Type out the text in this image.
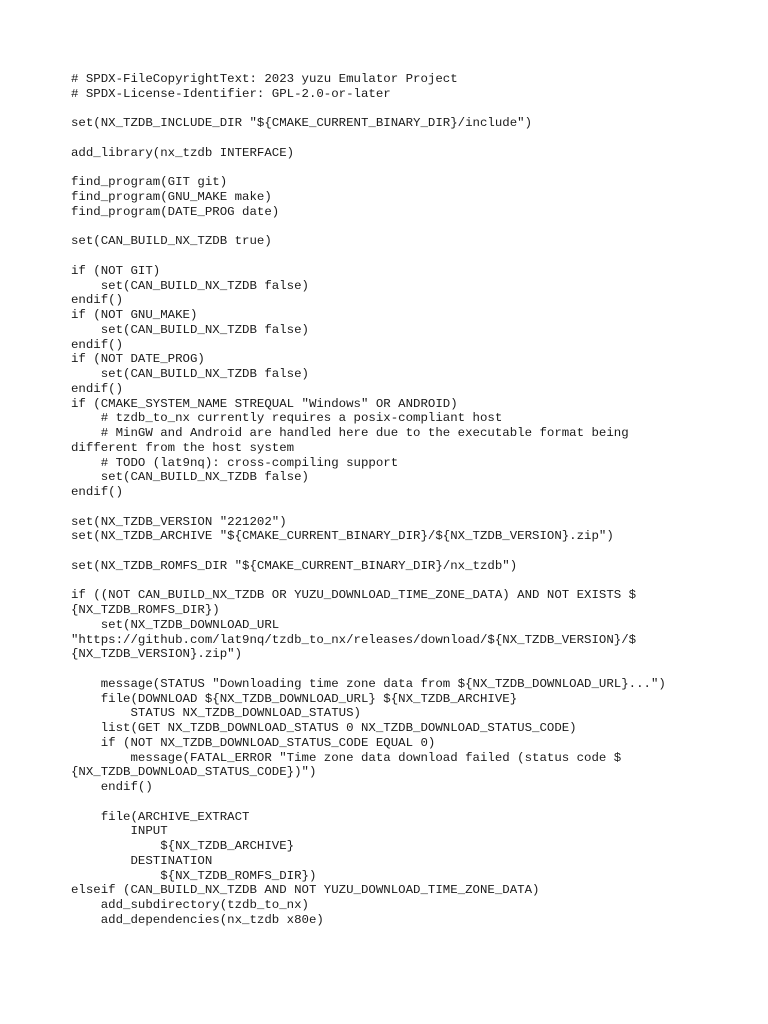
# SPDX-FileCopyrightText: 2023 yuzu Emulator Project
# SPDX-License-Identifier: GPL-2.0-or-later
set(NX_TZDB_INCLUDE_DIR "${CMAKE_CURRENT_BINARY_DIR}/include")
add_library(nx_tzdb INTERFACE)
find_program(GIT git)
find_program(GNU_MAKE make)
find_program(DATE_PROG date)
set(CAN_BUILD_NX_TZDB true)
if (NOT GIT)
set(CAN_BUILD_NX_TZDB false)
endif()
if (NOT GNU_MAKE)
set(CAN_BUILD_NX_TZDB false)
endif()
if (NOT DATE_PROG)
set(CAN_BUILD_NX_TZDB false)
endif()
if (CMAKE_SYSTEM_NAME STREQUAL "Windows" OR ANDROID)
# tzdb_to_nx currently requires a posix-compliant host
# MinGW and Android are handled here due to the executable format being
different from the host system
# TODO (lat9nq): cross-compiling support
set(CAN_BUILD_NX_TZDB false)
endif()
set(NX_TZDB_VERSION "221202")
set(NX_TZDB_ARCHIVE "${CMAKE_CURRENT_BINARY_DIR}/${NX_TZDB_VERSION}.zip")
set(NX_TZDB_ROMFS_DIR "${CMAKE_CURRENT_BINARY_DIR}/nx_tzdb")
if ((NOT CAN_BUILD_NX_TZDB OR YUZU_DOWNLOAD_TIME_ZONE_DATA) AND NOT EXISTS $
{NX_TZDB_ROMFS_DIR})
set(NX_TZDB_DOWNLOAD_URL
"https://github.com/lat9nq/tzdb_to_nx/releases/download/${NX_TZDB_VERSION}/$
{NX_TZDB_VERSION}.zip")
message(STATUS "Downloading time zone data from ${NX_TZDB_DOWNLOAD_URL}...")
file(DOWNLOAD ${NX_TZDB_DOWNLOAD_URL} ${NX_TZDB_ARCHIVE}
STATUS NX_TZDB_DOWNLOAD_STATUS)
list(GET NX_TZDB_DOWNLOAD_STATUS 0 NX_TZDB_DOWNLOAD_STATUS_CODE)
if (NOT NX_TZDB_DOWNLOAD_STATUS_CODE EQUAL 0)
message(FATAL_ERROR "Time zone data download failed (status code $
{NX_TZDB_DOWNLOAD_STATUS_CODE})")
endif()
file(ARCHIVE_EXTRACT
INPUT
${NX_TZDB_ARCHIVE}
DESTINATION
${NX_TZDB_ROMFS_DIR})
elseif (CAN_BUILD_NX_TZDB AND NOT YUZU_DOWNLOAD_TIME_ZONE_DATA)
add_subdirectory(tzdb_to_nx)
add_dependencies(nx_tzdb x80e)
